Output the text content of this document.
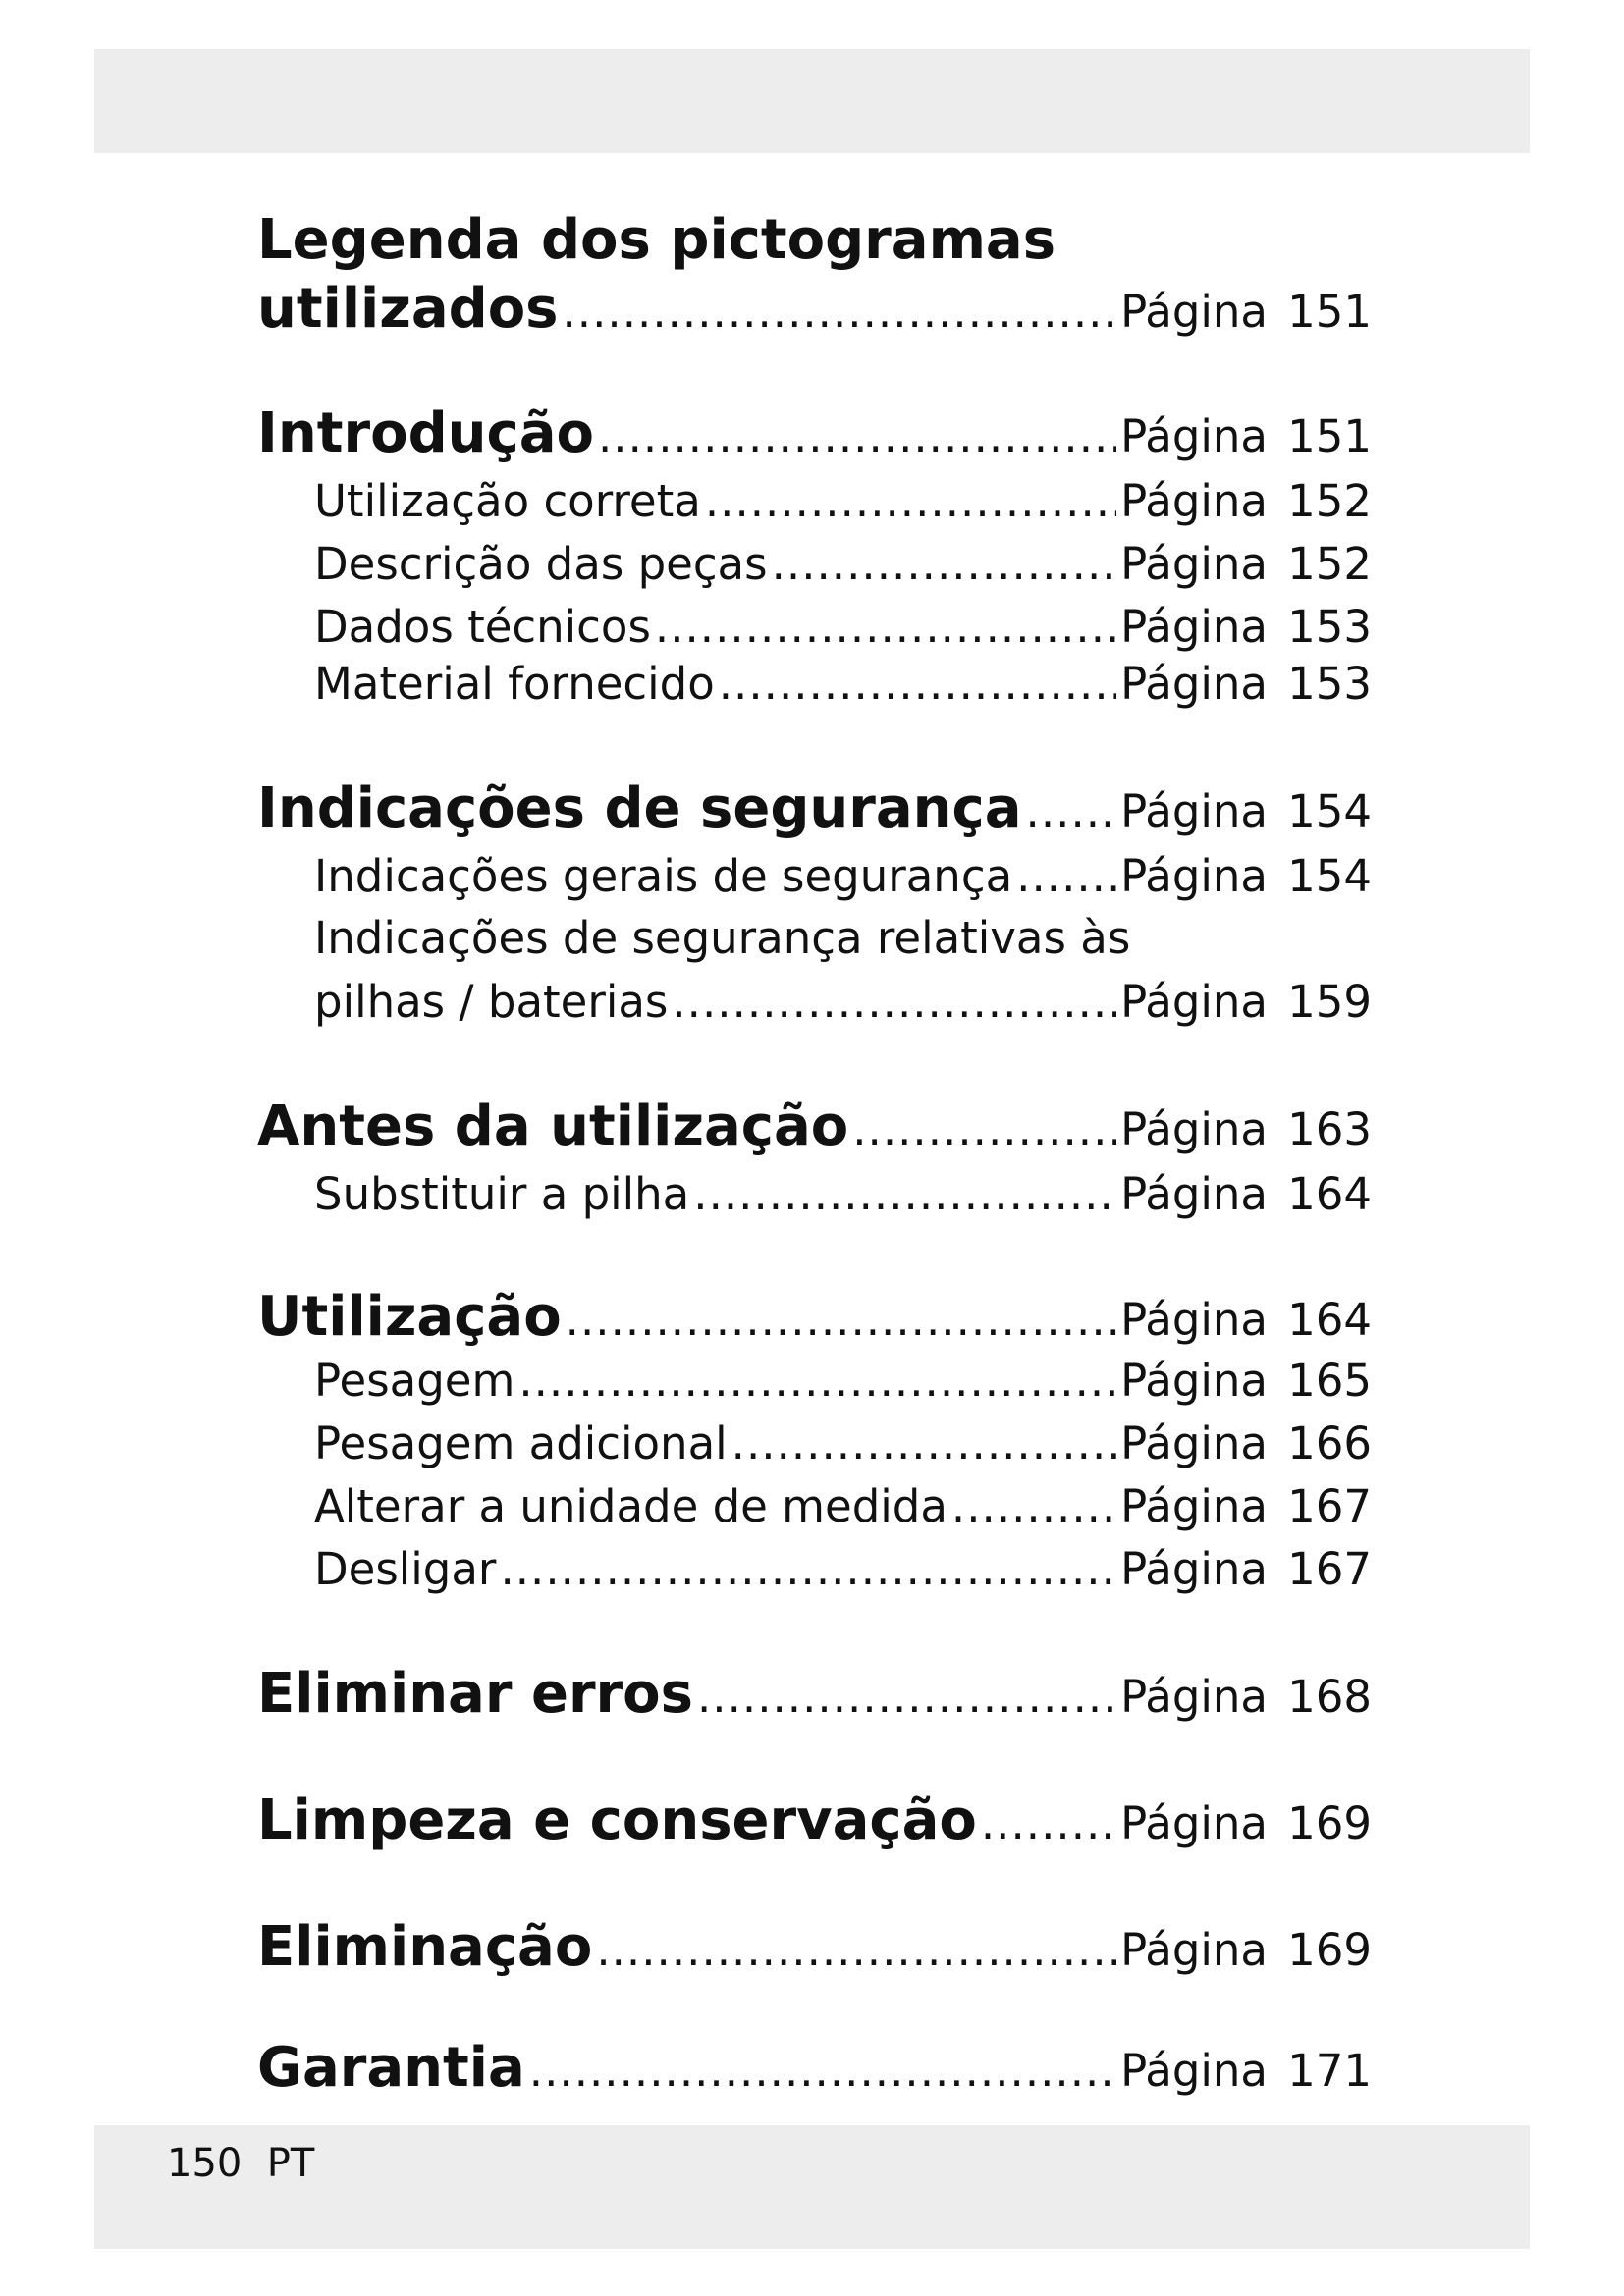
Legenda dos pictogramas
utilizados .....	Página 151
Introdução .....	Página 151
Utilização correta .....	Página 152
Descrição das peças .....	Página 152
Dados técnicos .....	Página 153
Material fornecido .....	Página 153
Indicações de segurança ..... Página 154
Indicações gerais de segurança ..... Página 154
Indicações de segurança relativas às
pilhas / baterias .....	Página 159
Antes da utilização .....	Página 163
Substituir a pilha .....	Página 164
Utilização .....	Página 164
Pesagem .....	Página 165
Pesagem adicional .....	Página 166
Alterar a unidade de medida .....	Página 167
Desligar .....	Página 167
Eliminar erros .....	Página 168
Limpeza e conservação .....	Página 169
Eliminação .....	Página 169
Garantia .....	Página 171
150 PT
